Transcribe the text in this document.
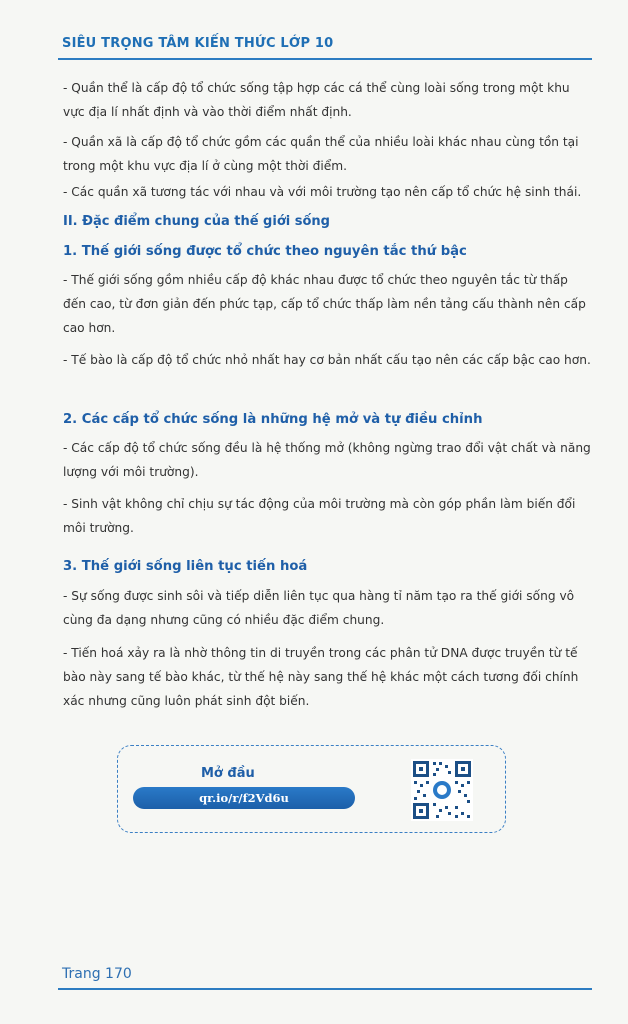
SIÊU TRỌNG TÂM KIẾN THỨC LỚP 10

- Quần thể là cấp độ tổ chức sống tập hợp các cá thể cùng loài sống trong một khu vực địa lí nhất định và vào thời điểm nhất định.

- Quần xã là cấp độ tổ chức gồm các quần thể của nhiều loài khác nhau cùng tồn tại trong một khu vực địa lí ở cùng một thời điểm.

- Các quần xã tương tác với nhau và với môi trường tạo nên cấp tổ chức hệ sinh thái.

II. Đặc điểm chung của thế giới sống
1. Thế giới sống được tổ chức theo nguyên tắc thứ bậc

- Thế giới sống gồm nhiều cấp độ khác nhau được tổ chức theo nguyên tắc từ thấp đến cao, từ đơn giản đến phức tạp, cấp tổ chức thấp làm nền tảng cấu thành nên cấp cao hơn.

- Tế bào là cấp độ tổ chức nhỏ nhất hay cơ bản nhất cấu tạo nên các cấp bậc cao hơn.

2. Các cấp tổ chức sống là những hệ mở và tự điều chỉnh

- Các cấp độ tổ chức sống đều là hệ thống mở (không ngừng trao đổi vật chất và năng lượng với môi trường).

- Sinh vật không chỉ chịu sự tác động của môi trường mà còn góp phần làm biến đổi môi trường.

3. Thế giới sống liên tục tiến hoá

- Sự sống được sinh sôi và tiếp diễn liên tục qua hàng tỉ năm tạo ra thế giới sống vô cùng đa dạng nhưng cũng có nhiều đặc điểm chung.

- Tiến hoá xảy ra là nhờ thông tin di truyền trong các phân tử DNA được truyền từ tế bào này sang tế bào khác, từ thế hệ này sang thế hệ khác một cách tương đối chính xác nhưng cũng luôn phát sinh đột biến.

Mở đầu
qr.io/r/f2Vd6u
Trang 170
